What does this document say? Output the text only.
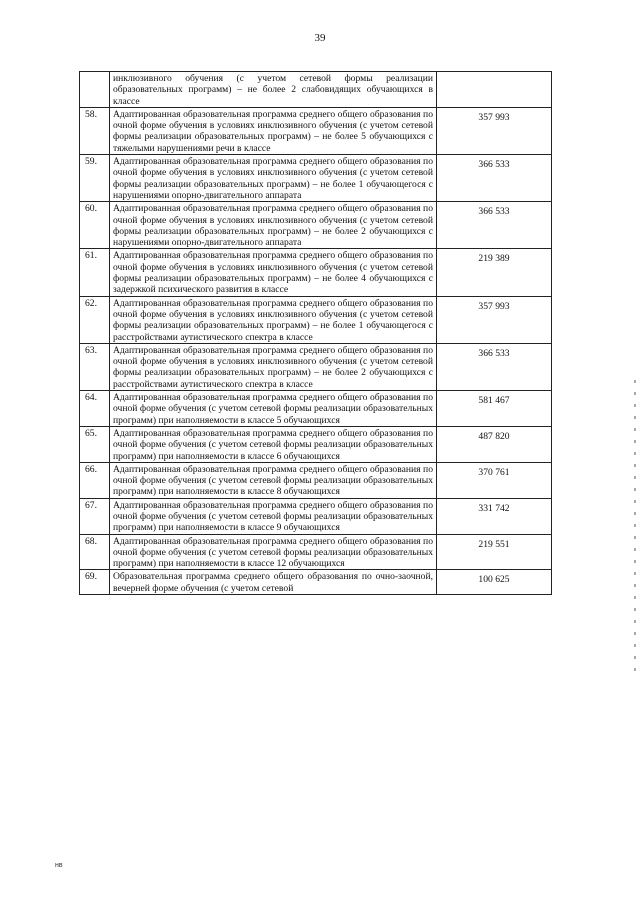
39
	инклюзивного обучения (с учетом сетевой формы реализации образовательных программ) – не более 2 слабовидящих обучающихся в классе	
58.	Адаптированная образовательная программа среднего общего образования по очной форме обучения в условиях инклюзивного обучения (с учетом сетевой формы реализации образовательных программ) – не более 5 обучающихся с тяжелыми нарушениями речи в классе	357 993
59.	Адаптированная образовательная программа среднего общего образования по очной форме обучения в условиях инклюзивного обучения (с учетом сетевой формы реализации образовательных программ) – не более 1 обучающегося с нарушениями опорно-двигательного аппарата	366 533
60.	Адаптированная образовательная программа среднего общего образования по очной форме обучения в условиях инклюзивного обучения (с учетом сетевой формы реализации образовательных программ) – не более 2 обучающихся с нарушениями опорно-двигательного аппарата	366 533
61.	Адаптированная образовательная программа среднего общего образования по очной форме обучения в условиях инклюзивного обучения (с учетом сетевой формы реализации образовательных программ) – не более 4 обучающихся с задержкой психического развития в классе	219 389
62.	Адаптированная образовательная программа среднего общего образования по очной форме обучения в условиях инклюзивного обучения (с учетом сетевой формы реализации образовательных программ) – не более 1 обучающегося с расстройствами аутистического спектра в классе	357 993
63.	Адаптированная образовательная программа среднего общего образования по очной форме обучения в условиях инклюзивного обучения (с учетом сетевой формы реализации образовательных программ) – не более 2 обучающихся с расстройствами аутистического спектра в классе	366 533
64.	Адаптированная образовательная программа среднего общего образования по очной форме обучения (с учетом сетевой формы реализации образовательных программ) при наполняемости в классе 5 обучающихся	581 467
65.	Адаптированная образовательная программа среднего общего образования по очной форме обучения (с учетом сетевой формы реализации образовательных программ) при наполняемости в классе 6 обучающихся	487 820
66.	Адаптированная образовательная программа среднего общего образования по очной форме обучения (с учетом сетевой формы реализации образовательных программ) при наполняемости в классе 8 обучающихся	370 761
67.	Адаптированная образовательная программа среднего общего образования по очной форме обучения (с учетом сетевой формы реализации образовательных программ) при наполняемости в классе 9 обучающихся	331 742
68.	Адаптированная образовательная программа среднего общего образования по очной форме обучения (с учетом сетевой формы реализации образовательных программ) при наполняемости в классе 12 обучающихся	219 551
69.	Образовательная программа среднего общего образования по очно-заочной, вечерней форме обучения (с учетом сетевой	100 625
нв
